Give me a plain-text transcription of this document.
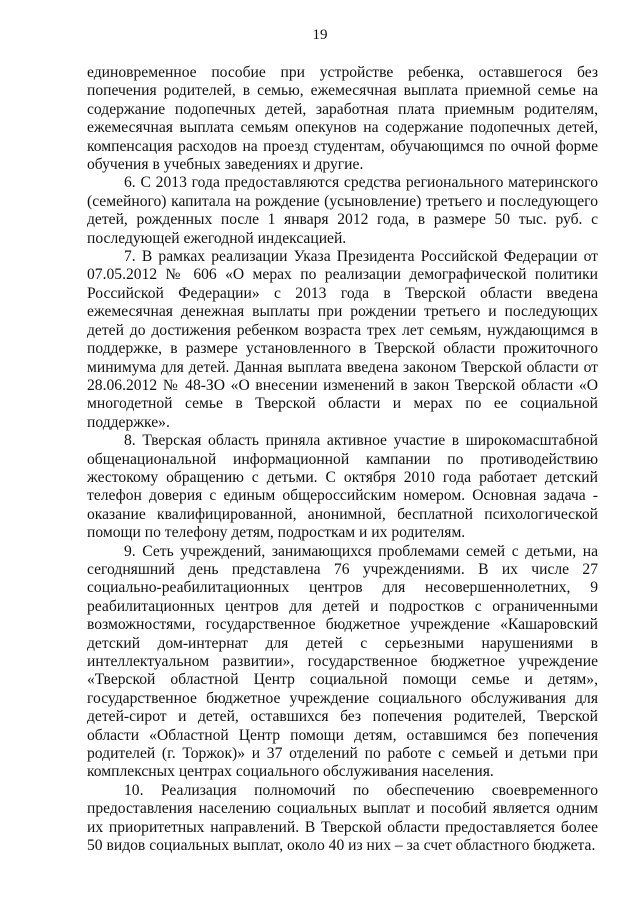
19

единовременное пособие при устройстве ребенка, оставшегося без попечения родителей, в семью, ежемесячная выплата приемной семье на содержание подопечных детей, заработная плата приемным родителям, ежемесячная выплата семьям опекунов на содержание подопечных детей, компенсация расходов на проезд студентам, обучающимся по очной форме обучения в учебных заведениях и другие.

6. С 2013 года предоставляются средства регионального материнского (семейного) капитала на рождение (усыновление) третьего и последующего детей, рожденных после 1 января 2012 года, в размере 50 тыс. руб. с последующей ежегодной индексацией.

7. В рамках реализации Указа Президента Российской Федерации от 07.05.2012 № 606 «О мерах по реализации демографической политики Российской Федерации» с 2013 года в Тверской области введена ежемесячная денежная выплаты при рождении третьего и последующих детей до достижения ребенком возраста трех лет семьям, нуждающимся в поддержке, в размере установленного в Тверской области прожиточного минимума для детей. Данная выплата введена законом Тверской области от 28.06.2012 № 48-ЗО «О внесении изменений в закон Тверской области «О многодетной семье в Тверской области и мерах по ее социальной поддержке».

8. Тверская область приняла активное участие в широкомасштабной общенациональной информационной кампании по противодействию жестокому обращению с детьми. С октября 2010 года работает детский телефон доверия с единым общероссийским номером. Основная задача - оказание квалифицированной, анонимной, бесплатной психологической помощи по телефону детям, подросткам и их родителям.

9. Сеть учреждений, занимающихся проблемами семей с детьми, на сегодняшний день представлена 76 учреждениями. В их числе 27 социально-реабилитационных центров для несовершеннолетних, 9 реабилитационных центров для детей и подростков с ограниченными возможностями, государственное бюджетное учреждение «Кашаровский детский дом-интернат для детей с серьезными нарушениями в интеллектуальном развитии», государственное бюджетное учреждение «Тверской областной Центр социальной помощи семье и детям», государственное бюджетное учреждение социального обслуживания для детей-сирот и детей, оставшихся без попечения родителей, Тверской области «Областной Центр помощи детям, оставшимся без попечения родителей (г. Торжок)» и 37 отделений по работе с семьей и детьми при комплексных центрах социального обслуживания населения.

10. Реализация полномочий по обеспечению своевременного предоставления населению социальных выплат и пособий является одним их приоритетных направлений. В Тверской области предоставляется более 50 видов социальных выплат, около 40 из них – за счет областного бюджета.
